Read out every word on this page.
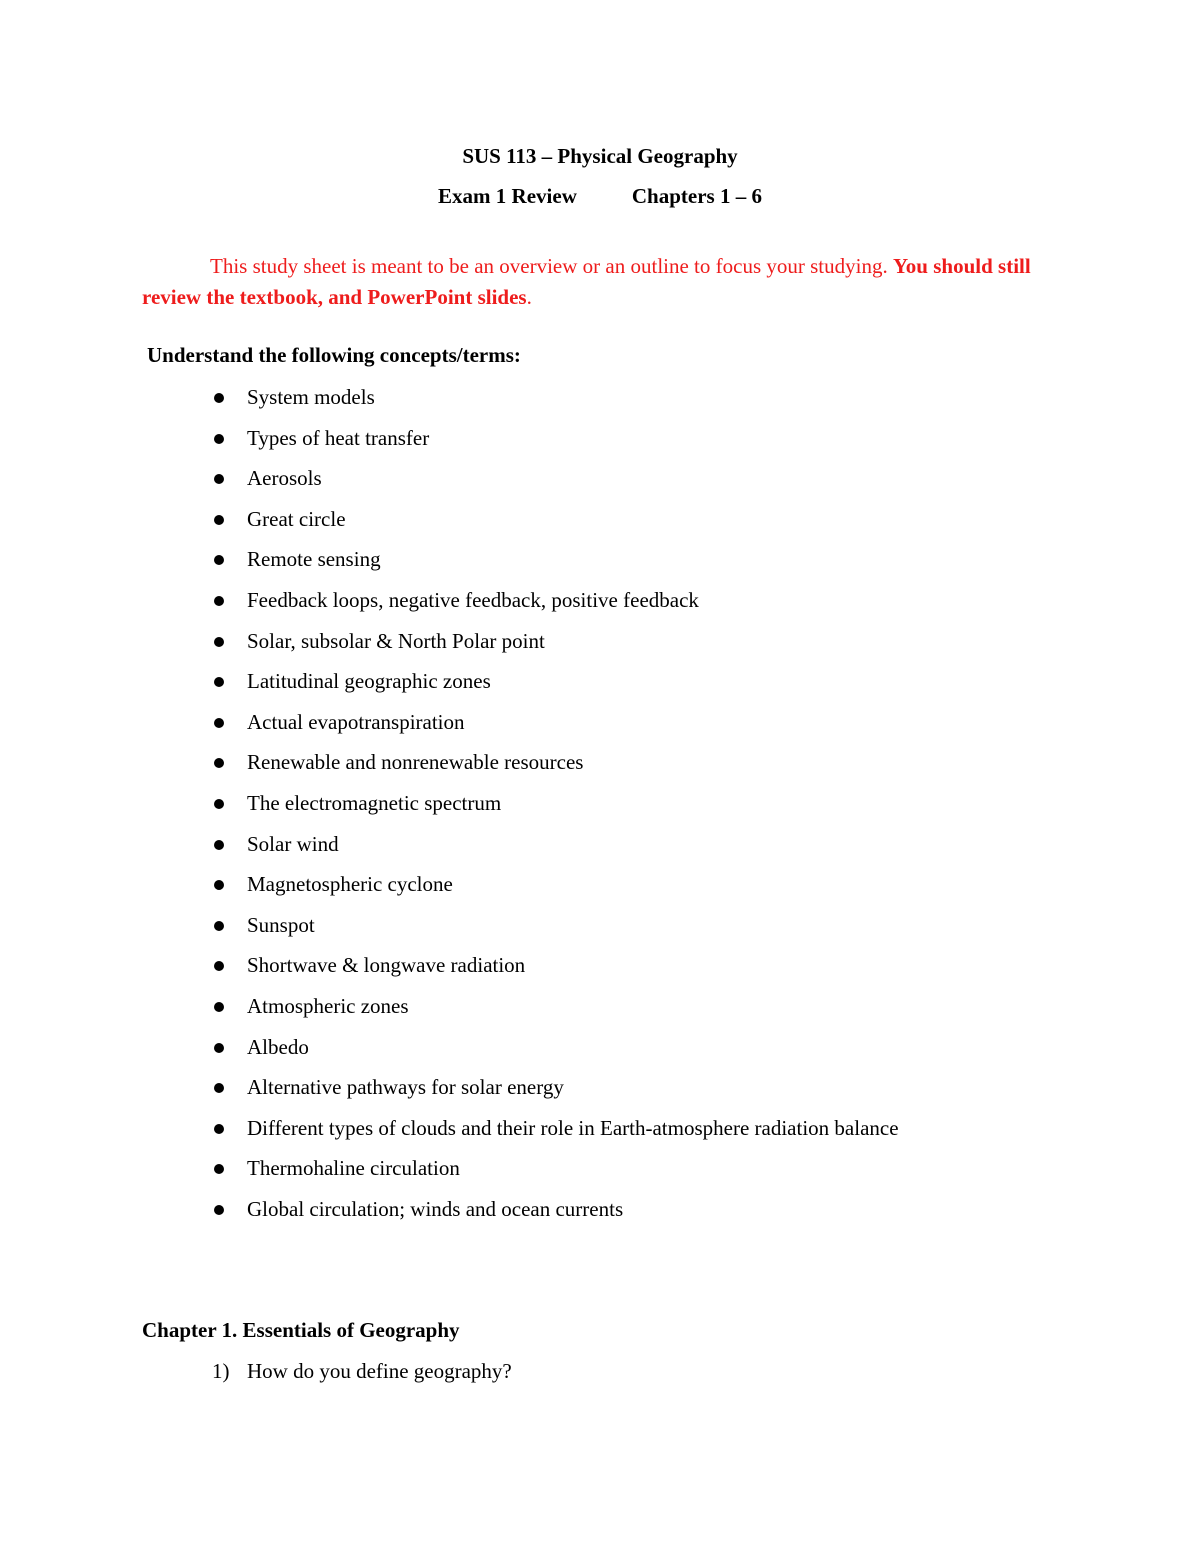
SUS 113 – Physical Geography
Exam 1 Review	Chapters 1 – 6

This study sheet is meant to be an overview or an outline to focus your studying. You should still review the textbook, and PowerPoint slides.

Understand the following concepts/terms:
System models
Types of heat transfer
Aerosols
Great circle
Remote sensing
Feedback loops, negative feedback, positive feedback
Solar, subsolar & North Polar point
Latitudinal geographic zones
Actual evapotranspiration
Renewable and nonrenewable resources
The electromagnetic spectrum
Solar wind
Magnetospheric cyclone
Sunspot
Shortwave & longwave radiation
Atmospheric zones
Albedo
Alternative pathways for solar energy
Different types of clouds and their role in Earth-atmosphere radiation balance
Thermohaline circulation
Global circulation; winds and ocean currents
Chapter 1. Essentials of Geography
1) How do you define geography?
